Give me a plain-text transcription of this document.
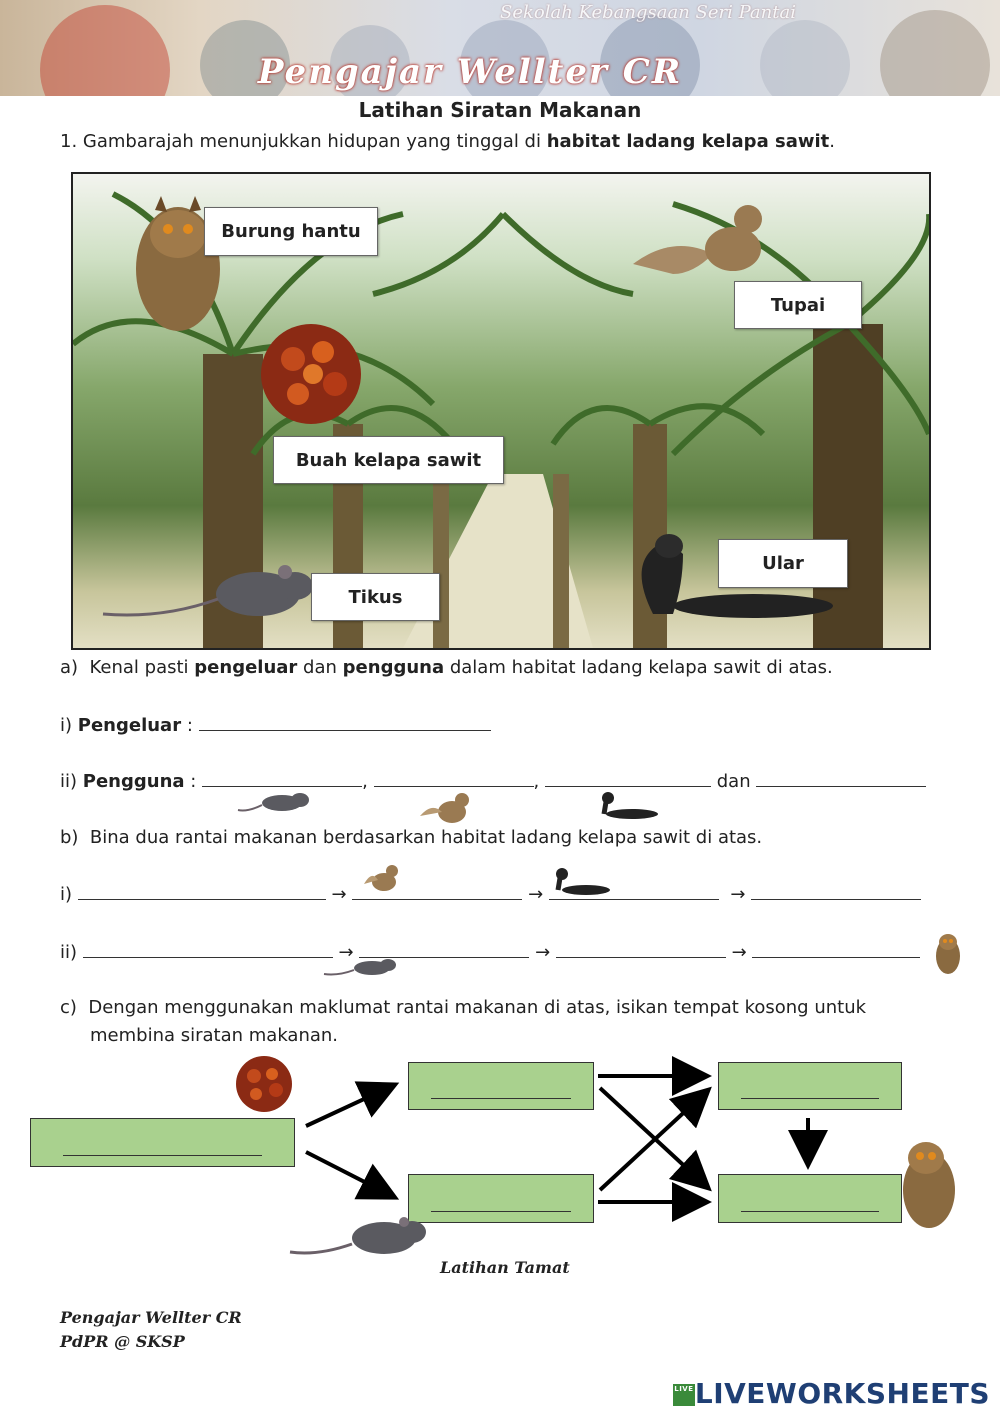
Sekolah Kebangsaan Seri Pantai
Pengajar Wellter CR
Latihan Siratan Makanan
1. Gambarajah menunjukkan hidupan yang tinggal di habitat ladang kelapa sawit.
Burung hantu
Tupai
Buah kelapa sawit
Ular
Tikus
a) Kenal pasti pengeluar dan pengguna dalam habitat ladang kelapa sawit di atas.
i) Pengeluar :
ii) Pengguna :	,	,	dan
b) Bina dua rantai makanan berdasarkan habitat ladang kelapa sawit di atas.
i)	→	→	→
ii)	→	→	→
c) Dengan menggunakan maklumat rantai makanan di atas, isikan tempat kosong untuk
membina siratan makanan.
Latihan Tamat
Pengajar Wellter CR
PdPR @ SKSP
LIVELIVEWORKSHEETS
